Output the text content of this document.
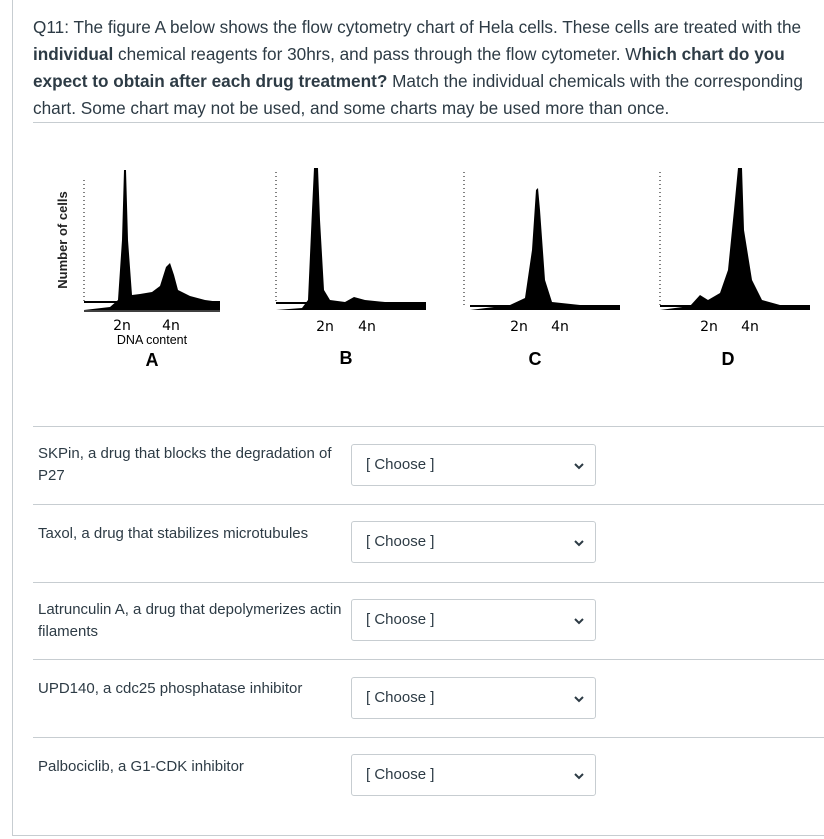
Q11: The figure A below shows the flow cytometry chart of Hela cells. These cells are treated with the individual chemical reagents for 30hrs, and pass through the flow cytometer. Which chart do you expect to obtain after each drug treatment? Match the individual chemicals with the corresponding chart. Some chart may not be used, and some charts may be used more than once.
Number of cells
2n 4n
DNA content
A
2n 4n
B
2n 4n
C
2n 4n
D
SKPin, a drug that blocks the degradation of P27
[ Choose ]
Taxol, a drug that stabilizes microtubules	[ Choose ]
Latrunculin A, a drug that depolymerizes actin filaments
[ Choose ]
UPD140, a cdc25 phosphatase inhibitor
[ Choose ]
Palbociclib, a G1-CDK inhibitor	[ Choose ]
